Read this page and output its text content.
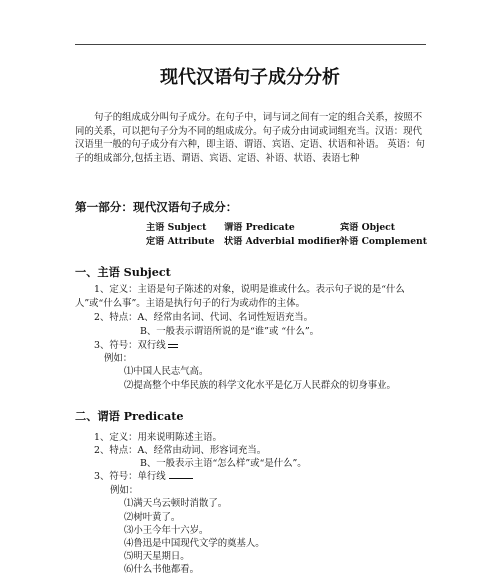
现代汉语句子成分分析
句子的组成成分叫句子成分。在句子中，词与词之间有一定的组合关系，按照不同的关系，可以把句子分为不同的组成成分。句子成分由词或词组充当。汉语：现代汉语里一般的句子成分有六种，即主语、谓语、宾语、定语、状语和补语。 英语：句子的组成部分,包括主语、谓语、宾语、定语、补语、状语、表语七种
第一部分：现代汉语句子成分：
主语 Subject 谓语 Predicate	宾语 Object
定语 Attribute 状语 Adverbial modifier 补语 Complement
一、主语 Subject
1、定义：主语是句子陈述的对象，说明是谁或什么。表示句子说的是“什么人”或“什么事”。主语是执行句子的行为或动作的主体。
2、特点：A、经常由名词、代词、名词性短语充当。
B、一般表示谓语所说的是“谁”或 “什么”。
3、符号：双行线
例如：
⑴中国人民志气高。
⑵提高整个中华民族的科学文化水平是亿万人民群众的切身事业。
二、谓语 Predicate
1、定义：用来说明陈述主语。
2、特点：A、经常由动词、形容词充当。
B、一般表示主语“怎么样”或“是什么”。
3、符号：单行线
例如：
⑴满天乌云顿时消散了。
⑵树叶黄了。
⑶小王今年十六岁。
⑷鲁迅是中国现代文学的奠基人。
⑸明天星期日。
⑹什么书他都看。
